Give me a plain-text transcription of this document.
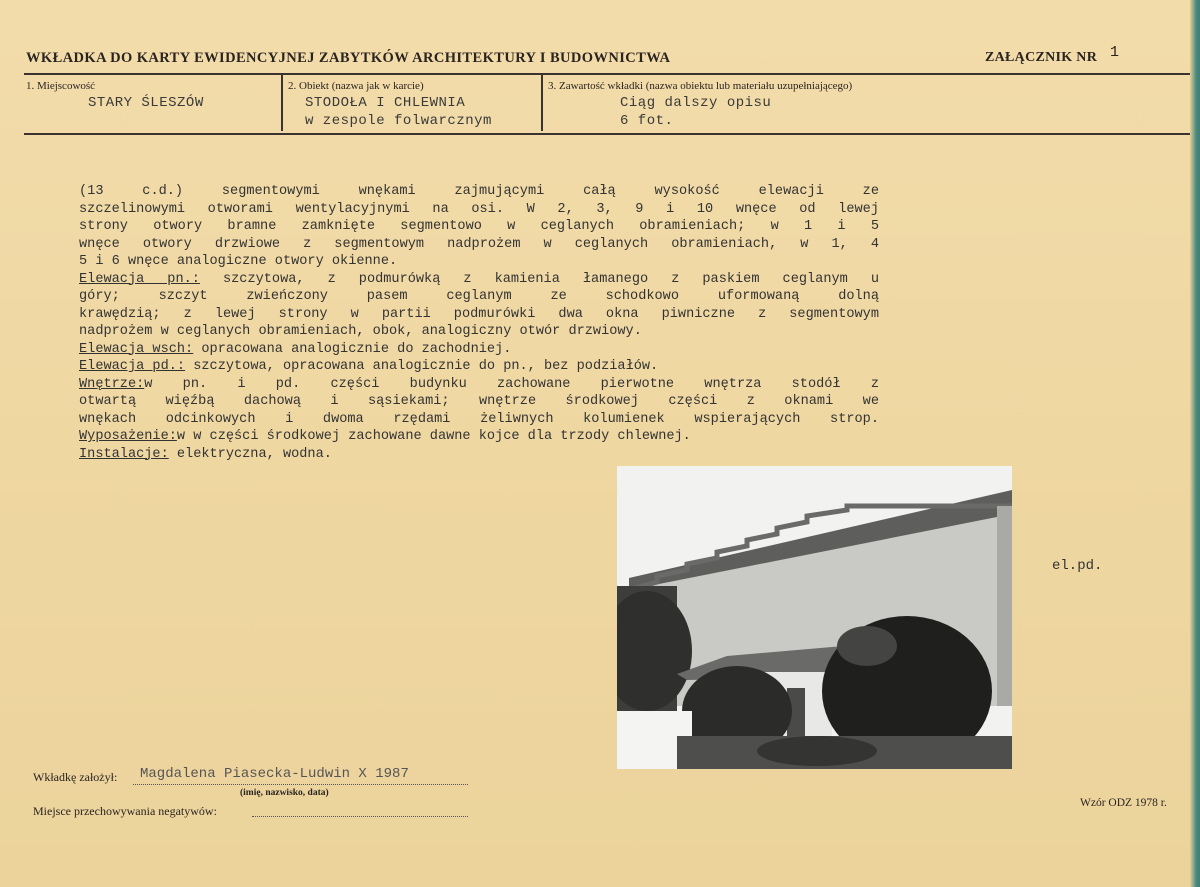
WKŁADKA DO KARTY EWIDENCYJNEJ ZABYTKÓW ARCHITEKTURY I BUDOWNICTWA	ZAŁĄCZNIK NR 1
1. Miejscowość
STARY ŚLESZÓW
2. Obiekt (nazwa jak w karcie)
STODOŁA I CHLEWNIA
w zespole folwarcznym
3. Zawartość wkładki (nazwa obiektu lub materiału uzupełniającego)
Ciąg dalszy opisu
6 fot.
(13 c.d.) segmentowymi wnękami zajmującymi całą wysokość elewacji ze
szczelinowymi otworami wentylacyjnymi na osi. W 2, 3, 9 i 10 wnęce od lewej
strony otwory bramne zamknięte segmentowo w ceglanych obramieniach; w 1 i 5
wnęce otwory drzwiowe z segmentowym nadprożem w ceglanych obramieniach, w 1, 4
5 i 6 wnęce analogiczne otwory okienne.
Elewacja pn.: szczytowa, z podmurówką z kamienia łamanego z paskiem ceglanym u
góry; szczyt zwieńczony pasem ceglanym ze schodkowo uformowaną dolną
krawędzią; z lewej strony w partii podmurówki dwa okna piwniczne z segmentowym
nadprożem w ceglanych obramieniach, obok, analogiczny otwór drzwiowy.
Elewacja wsch: opracowana analogicznie do zachodniej.
Elewacja pd.: szczytowa, opracowana analogicznie do pn., bez podziałów.
Wnętrze:w pn. i pd. części budynku zachowane pierwotne wnętrza stodół z
otwartą więźbą dachową i sąsiekami; wnętrze środkowej części z oknami we
wnękach odcinkowych i dwoma rzędami żeliwnych kolumienek wspierających strop.
Wyposażenie:w w części środkowej zachowane dawne kojce dla trzody chlewnej.
Instalacje: elektryczna, wodna.
el.pd.
Wkładkę założył: Magdalena Piasecka-Ludwin X 1987
(imię, nazwisko, data)
Miejsce przechowywania negatywów:
Wzór ODZ 1978 r.
